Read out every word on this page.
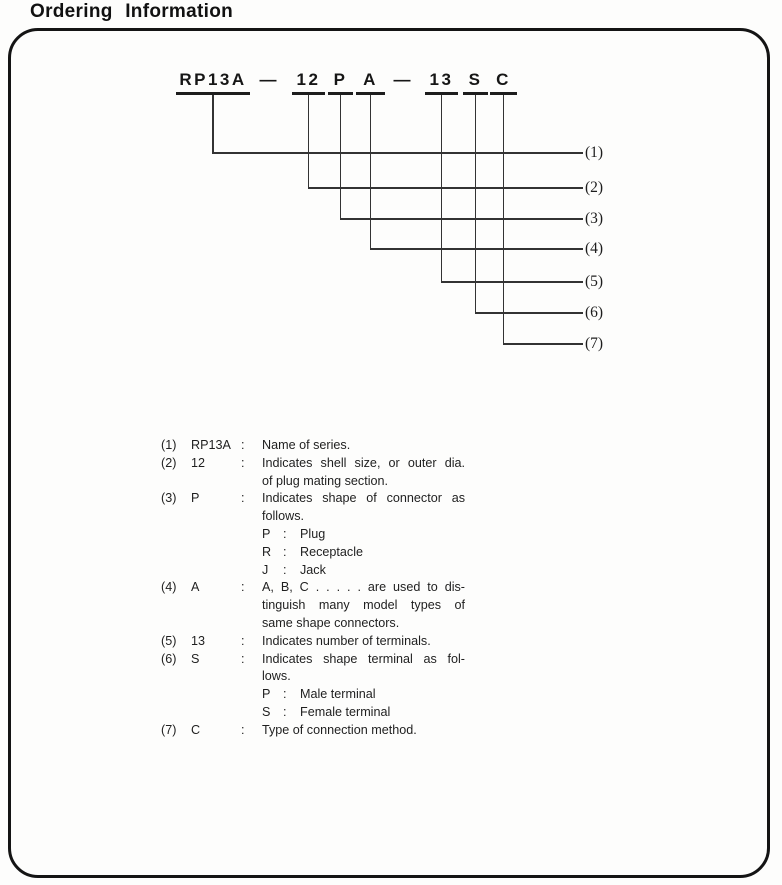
Ordering Information
RP13A
(1)
12
(2)
P
(3)
A
(4)
13
(5)
S
(6)
C
(7)
—	—
(1)	RP13A :	Name of series.
(2)	12	:	Indicates shell size, or outer dia.
of plug mating section.
(3)	P	:	Indicates shape of connector as
follows.
P :	Plug
R :	Receptacle
J	:	Jack
(4)	A	:	A, B, C . . . . . are used to dis-
tinguish many model types of
same shape connectors.
(5)	13	:	Indicates number of terminals.
(6)	S	:	Indicates shape terminal as fol-
lows.
P :	Male terminal
S :	Female terminal
(7)	C	:	Type of connection method.
